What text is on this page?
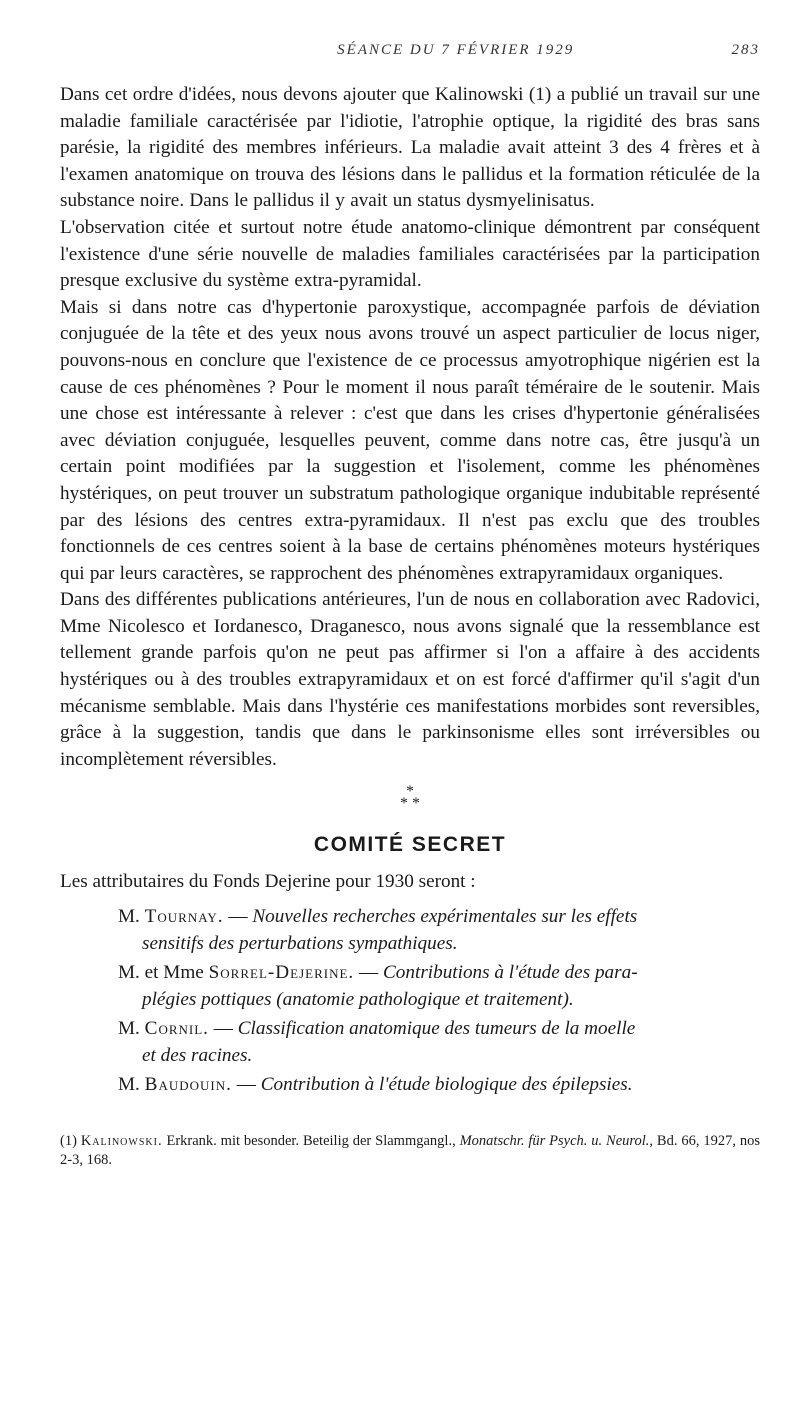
SÉANCE DU 7 FÉVRIER 1929	283

Dans cet ordre d'idées, nous devons ajouter que Kalinowski (1) a publié un travail sur une maladie familiale caractérisée par l'idiotie, l'atrophie optique, la rigidité des bras sans parésie, la rigidité des membres inférieurs. La maladie avait atteint 3 des 4 frères et à l'examen anatomique on trouva des lésions dans le pallidus et la formation réticulée de la substance noire. Dans le pallidus il y avait un status dysmyelinisatus.

L'observation citée et surtout notre étude anatomo-clinique démontrent par conséquent l'existence d'une série nouvelle de maladies familiales caractérisées par la participation presque exclusive du système extra-pyramidal.

Mais si dans notre cas d'hypertonie paroxystique, accompagnée parfois de déviation conjuguée de la tête et des yeux nous avons trouvé un aspect particulier de locus niger, pouvons-nous en conclure que l'existence de ce processus amyotrophique nigérien est la cause de ces phénomènes ? Pour le moment il nous paraît téméraire de le soutenir. Mais une chose est intéressante à relever : c'est que dans les crises d'hypertonie généralisées avec déviation conjuguée, lesquelles peuvent, comme dans notre cas, être jusqu'à un certain point modifiées par la suggestion et l'isolement, comme les phénomènes hystériques, on peut trouver un substratum pathologique organique indubitable représenté par des lésions des centres extra-pyramidaux. Il n'est pas exclu que des troubles fonctionnels de ces centres soient à la base de certains phénomènes moteurs hystériques qui par leurs caractères, se rapprochent des phénomènes extrapyramidaux organiques.

Dans des différentes publications antérieures, l'un de nous en collaboration avec Radovici, Mme Nicolesco et Iordanesco, Draganesco, nous avons signalé que la ressemblance est tellement grande parfois qu'on ne peut pas affirmer si l'on a affaire à des accidents hystériques ou à des troubles extrapyramidaux et on est forcé d'affirmer qu'il s'agit d'un mécanisme semblable. Mais dans l'hystérie ces manifestations morbides sont reversibles, grâce à la suggestion, tandis que dans le parkinsonisme elles sont irréversibles ou incomplètement réversibles.

*
* *
COMITÉ SECRET
Les attributaires du Fonds Dejerine pour 1930 seront :
M. Tournay. — Nouvelles recherches expérimentales sur les effets
sensitifs des perturbations sympathiques.
M. et Mme Sorrel-Dejerine. — Contributions à l'étude des para-
plégies pottiques (anatomie pathologique et traitement).
M. Cornil. — Classification anatomique des tumeurs de la moelle
et des racines.
M. Baudouin. — Contribution à l'étude biologique des épilepsies.
(1) Kalinowski. Erkrank. mit besonder. Beteilig der Slammgangl., Monatschr. für Psych. u. Neurol., Bd. 66, 1927, nos 2-3, 168.
